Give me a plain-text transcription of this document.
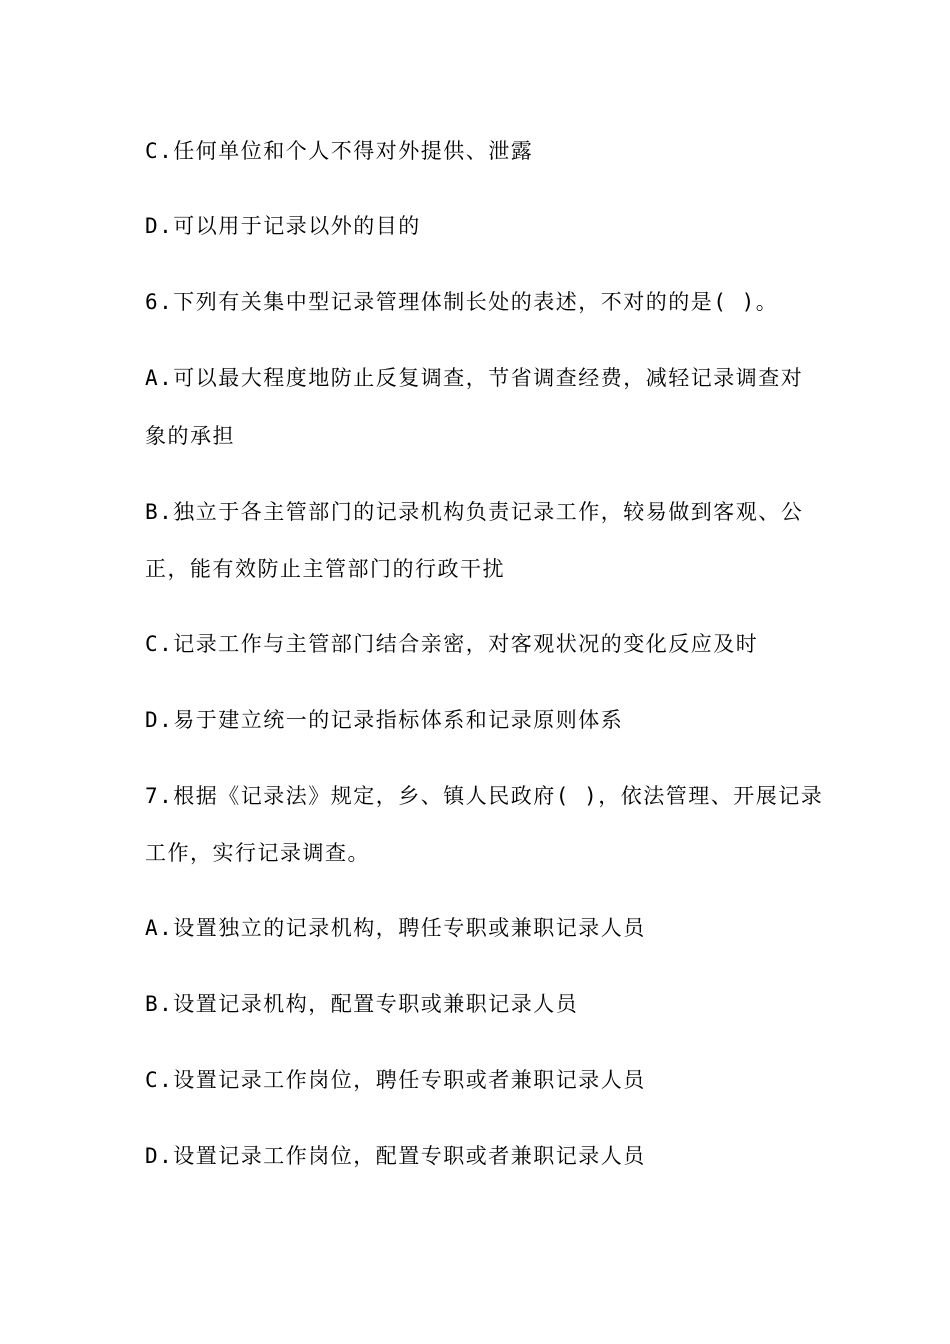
C.任何单位和个人不得对外提供、泄露
D.可以用于记录以外的目的
6.下列有关集中型记录管理体制长处的表述，不对的的是( )。
A.可以最大程度地防止反复调查，节省调查经费，减轻记录调查对
象的承担
B.独立于各主管部门的记录机构负责记录工作，较易做到客观、公
正，能有效防止主管部门的行政干扰
C.记录工作与主管部门结合亲密，对客观状况的变化反应及时
D.易于建立统一的记录指标体系和记录原则体系
7.根据《记录法》规定，乡、镇人民政府( )，依法管理、开展记录
工作，实行记录调查。
A.设置独立的记录机构，聘任专职或兼职记录人员
B.设置记录机构，配置专职或兼职记录人员
C.设置记录工作岗位，聘任专职或者兼职记录人员
D.设置记录工作岗位，配置专职或者兼职记录人员
